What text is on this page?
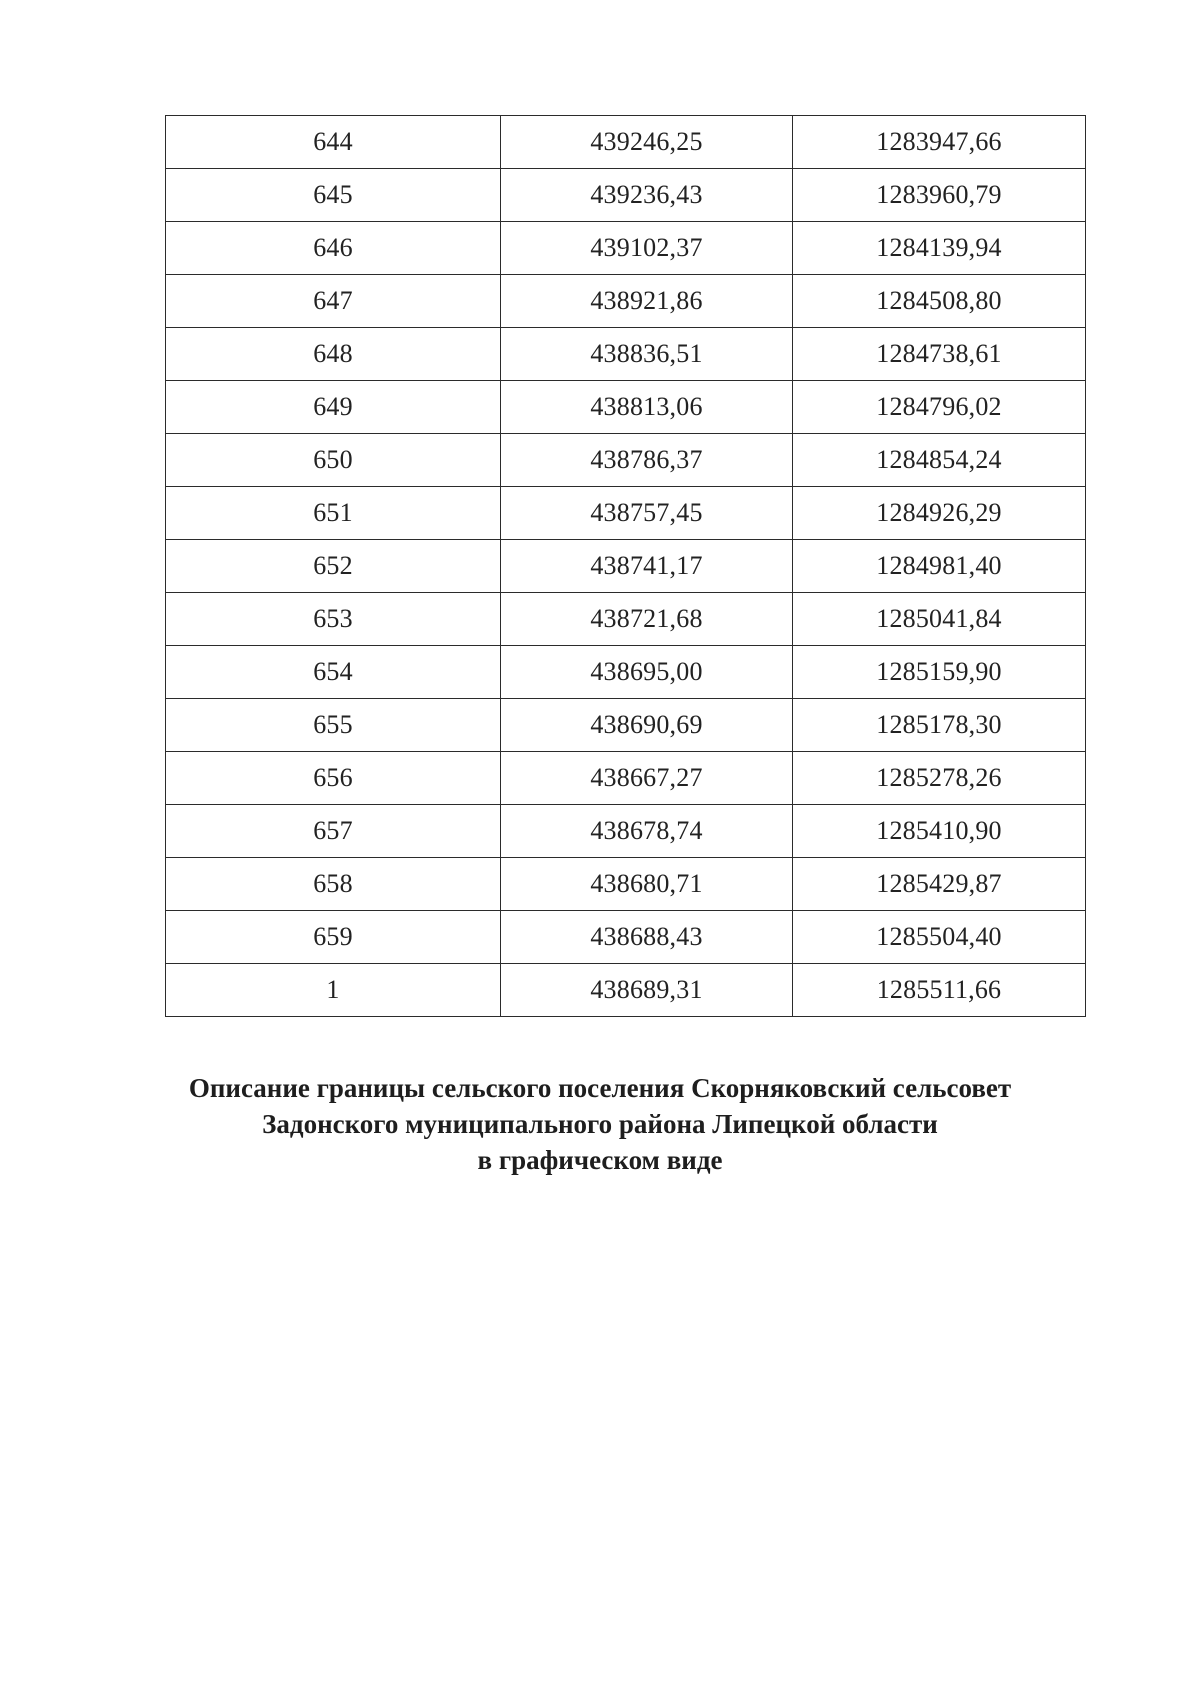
644	439246,25	1283947,66
645	439236,43	1283960,79
646	439102,37	1284139,94
647	438921,86	1284508,80
648	438836,51	1284738,61
649	438813,06	1284796,02
650	438786,37	1284854,24
651	438757,45	1284926,29
652	438741,17	1284981,40
653	438721,68	1285041,84
654	438695,00	1285159,90
655	438690,69	1285178,30
656	438667,27	1285278,26
657	438678,74	1285410,90
658	438680,71	1285429,87
659	438688,43	1285504,40
1	438689,31	1285511,66
Описание границы сельского поселения Скорняковский сельсовет
Задонского муниципального района Липецкой области
в графическом виде
